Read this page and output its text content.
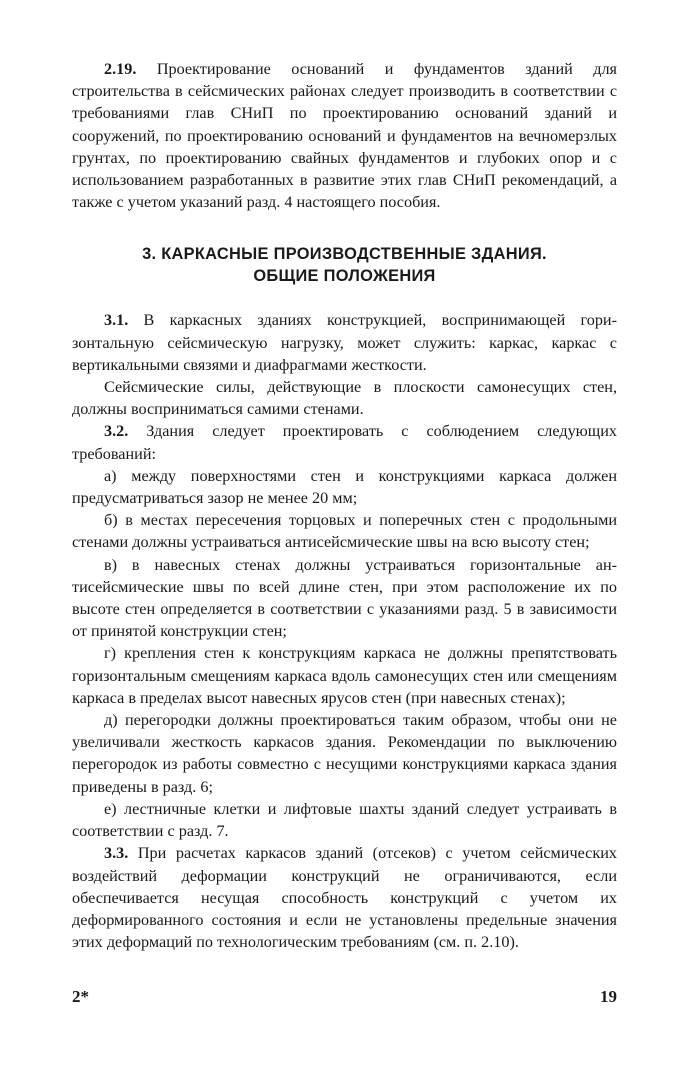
2.19. Проектирование оснований и фундаментов зданий для строительства в сейсмических районах следует производить в соответствии с требованиями глав СНиП по проектированию оснований зданий и сооружений, по проектированию оснований и фундаментов на вечномерзлых грунтах, по проектированию свайных фундаментов и глубоких опор и с использованием разработанных в развитие этих глав СНиП рекомендаций, а также с учетом указаний разд. 4 настоящего пособия.

3. КАРКАСНЫЕ ПРОИЗВОДСТВЕННЫЕ ЗДАНИЯ.
ОБЩИЕ ПОЛОЖЕНИЯ

3.1. В каркасных зданиях конструкцией, воспринимающей горизонтальную сейсмическую нагрузку, может служить: каркас, каркас с вертикальными связями и диафрагмами жесткости.

Сейсмические силы, действующие в плоскости самонесущих стен, должны восприниматься самими стенами.

3.2. Здания следует проектировать с соблюдением следующих требований:

а) между поверхностями стен и конструкциями каркаса должен предусматриваться зазор не менее 20 мм;

б) в местах пересечения торцовых и поперечных стен с продольными стенами должны устраиваться антисейсмические швы на всю высоту стен;

в) в навесных стенах должны устраиваться горизонтальные антисейсмические швы по всей длине стен, при этом расположение их по высоте стен определяется в соответствии с указаниями разд. 5 в зависимости от принятой конструкции стен;

г) крепления стен к конструкциям каркаса не должны препятствовать горизонтальным смещениям каркаса вдоль самонесущих стен или смещениям каркаса в пределах высот навесных ярусов стен (при навесных стенах);

д) перегородки должны проектироваться таким образом, чтобы они не увеличивали жесткость каркасов здания. Рекомендации по выключению перегородок из работы совместно с несущими конструкциями каркаса здания приведены в разд. 6;

е) лестничные клетки и лифтовые шахты зданий следует устраивать в соответствии с разд. 7.

3.3. При расчетах каркасов зданий (отсеков) с учетом сейсмических воздействий деформации конструкций не ограничиваются, если обеспечивается несущая способность конструкций с учетом их деформированного состояния и если не установлены предельные значения этих деформаций по технологическим требованиям (см. п. 2.10).

2*	19
